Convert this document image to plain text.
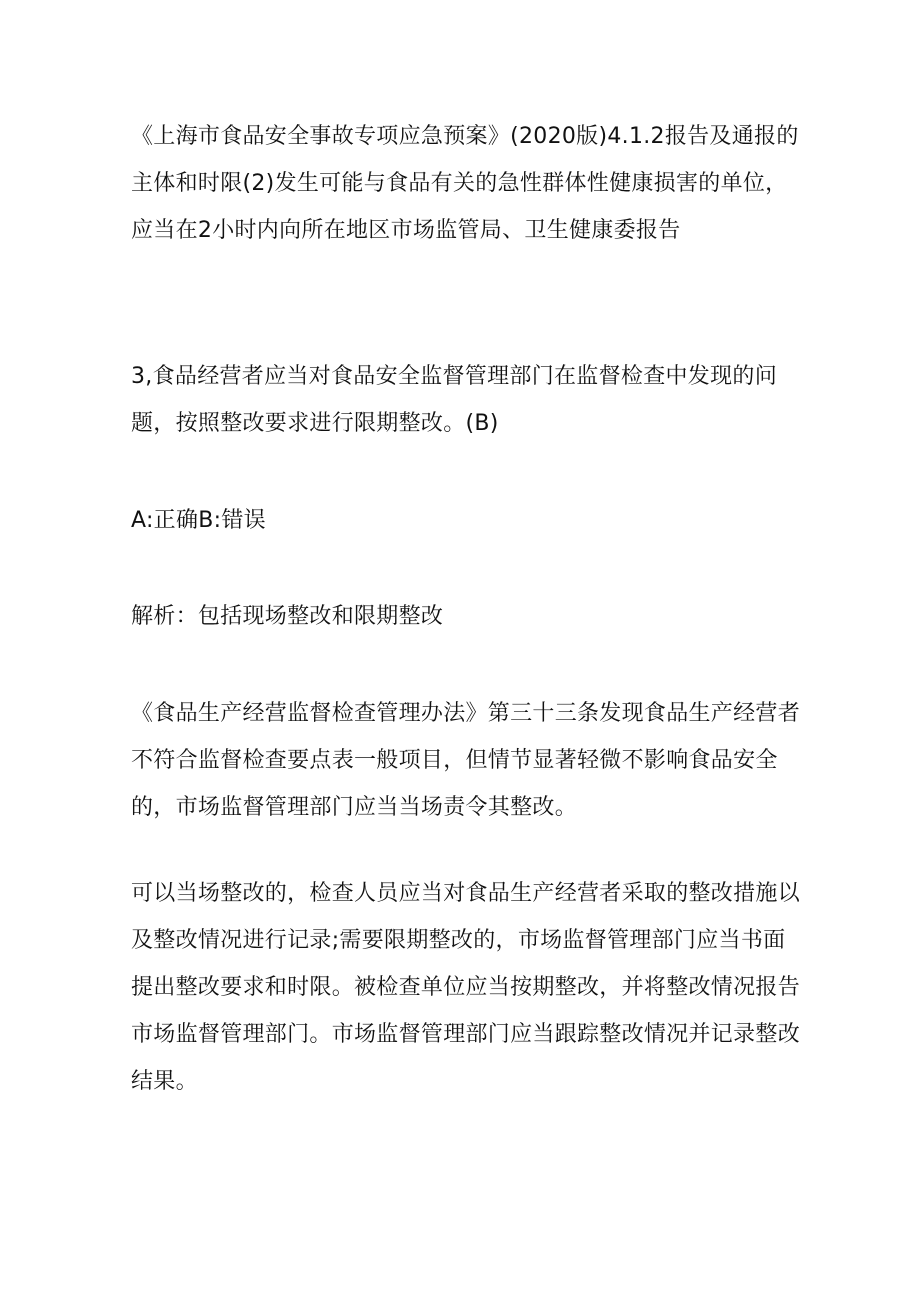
《上海市食品安全事故专项应急预案》(2020版)4.1.2报告及通报的主体和时限(2)发生可能与食品有关的急性群体性健康损害的单位，应当在2小时内向所在地区市场监管局、卫生健康委报告

3,食品经营者应当对食品安全监督管理部门在监督检查中发现的问题，按照整改要求进行限期整改。(B)

A:正确B:错误

解析：包括现场整改和限期整改

《食品生产经营监督检查管理办法》第三十三条发现食品生产经营者不符合监督检查要点表一般项目，但情节显著轻微不影响食品安全的，市场监督管理部门应当当场责令其整改。

可以当场整改的，检查人员应当对食品生产经营者采取的整改措施以及整改情况进行记录;需要限期整改的，市场监督管理部门应当书面提出整改要求和时限。被检查单位应当按期整改，并将整改情况报告市场监督管理部门。市场监督管理部门应当跟踪整改情况并记录整改结果。
